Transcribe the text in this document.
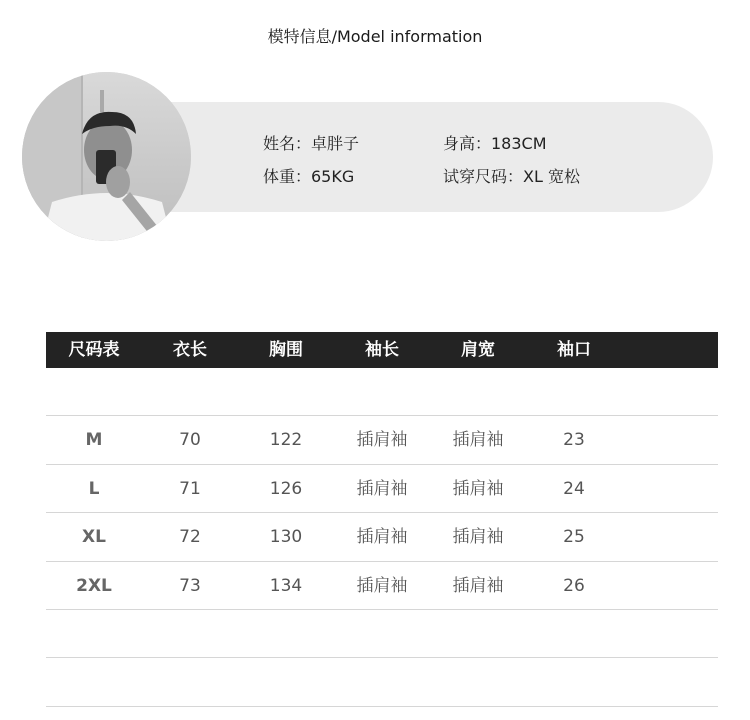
模特信息/Model information
姓名：卓胖子	身高：183CM
体重：65KG	试穿尺码：XL 宽松
尺码表	衣长	胸围	袖长	肩宽	袖口
M	70	122	插肩袖	插肩袖	23
L	71	126	插肩袖	插肩袖	24
XL	72	130	插肩袖	插肩袖	25
2XL	73	134	插肩袖	插肩袖	26
